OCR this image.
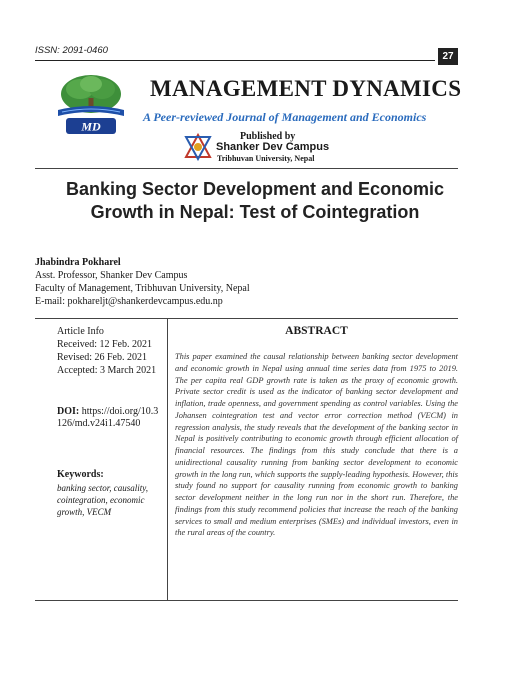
ISSN: 2091-0460
27
MD
MANAGEMENT DYNAMICS
A Peer-reviewed Journal of Management and Economics
Published by
Shanker Dev Campus
Tribhuvan University, Nepal
Banking Sector Development and Economic Growth in Nepal: Test of Cointegration
Jhabindra Pokharel
Asst. Professor, Shanker Dev Campus
Faculty of Management, Tribhuvan University, Nepal
E-mail: pokhareljt@shankerdevcampus.edu.np
Article Info
Received: 12 Feb. 2021
Revised: 26 Feb. 2021
Accepted: 3 March 2021
DOI: https://doi.org/10.3126/md.v24i1.47540
Keywords:
banking sector, causality, cointegration, economic growth, VECM
ABSTRACT
This paper examined the causal relationship between banking sector development and economic growth in Nepal using annual time series data from 1975 to 2019. The per capita real GDP growth rate is taken as the proxy of economic growth. Private sector credit is used as the indicator of banking sector development and inflation, trade openness, and government spending as control variables. Using the Johansen cointegration test and vector error correction method (VECM) in regression analysis, the study reveals that the development of the banking sector in Nepal is positively contributing to economic growth through efficient allocation of financial resources. The findings from this study conclude that there is a unidirectional causality running from banking sector development to economic growth in the long run, which supports the supply-leading hypothesis. However, this study found no support for causality running from economic growth to banking sector development neither in the long run nor in the short run. Therefore, the findings from this study recommend policies that increase the reach of the banking services to small and medium enterprises (SMEs) and individual investors, even in the rural areas of the country.
